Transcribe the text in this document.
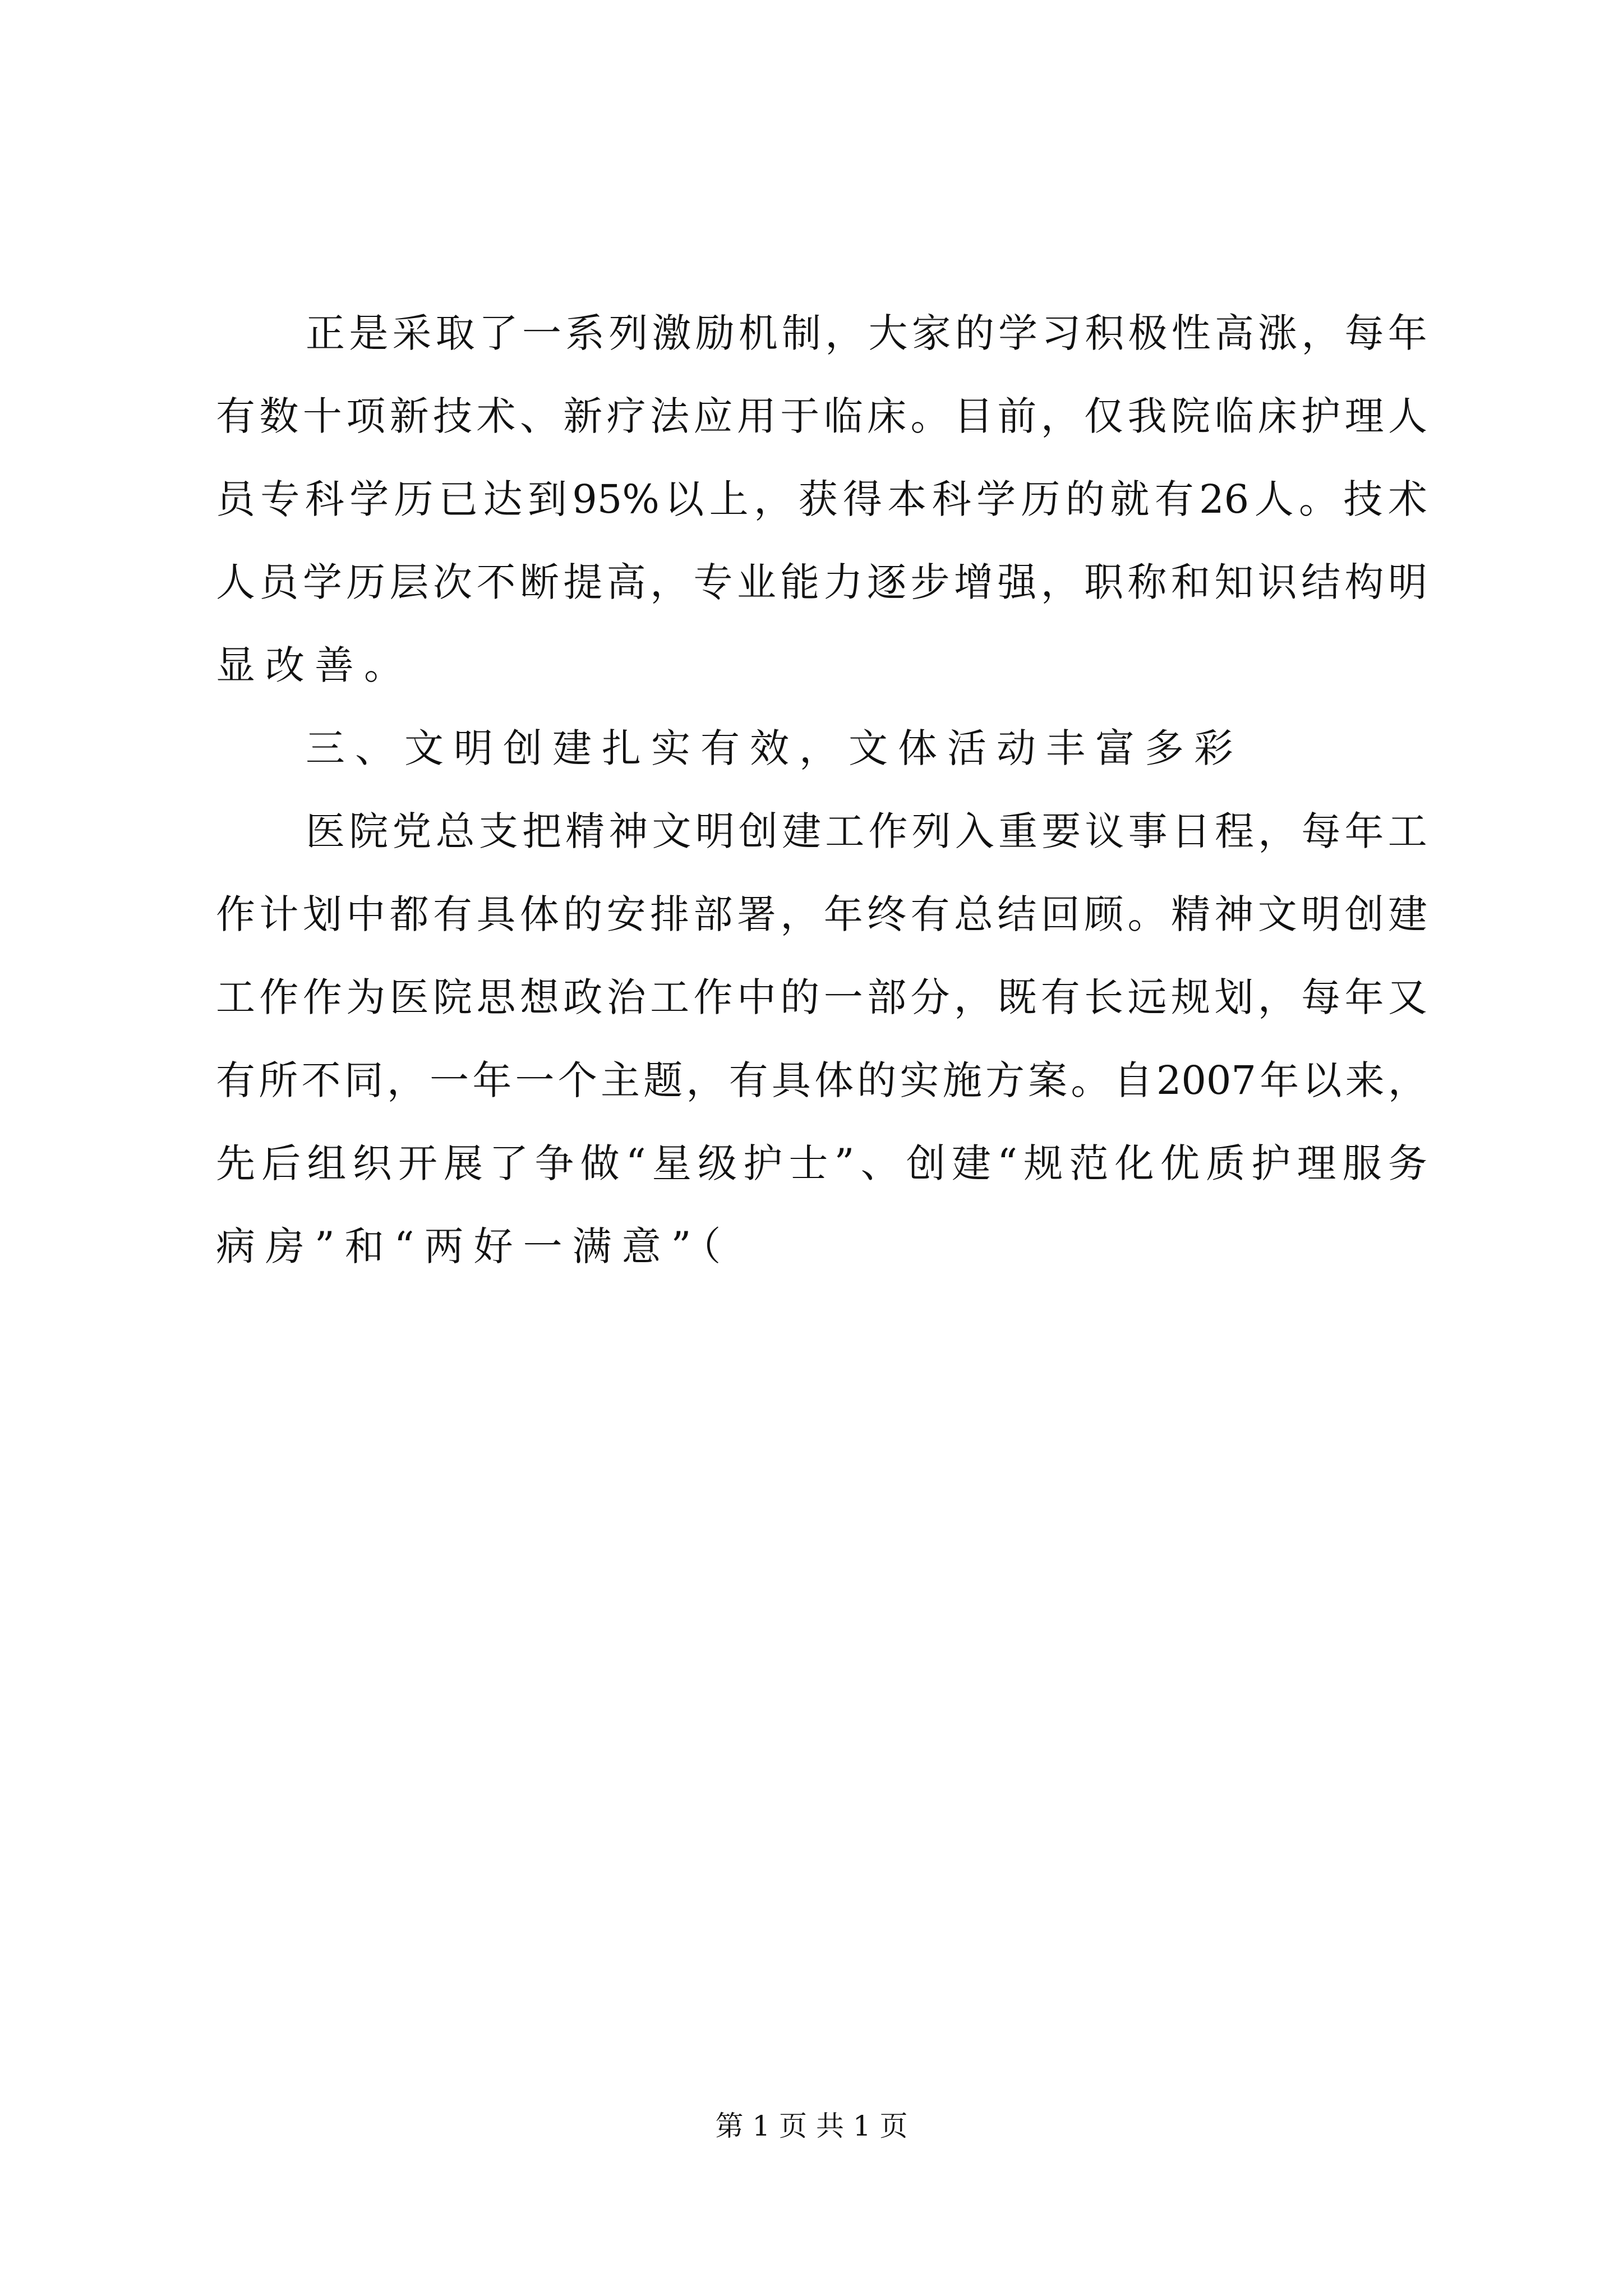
正 是 采 取 了 一 系 列 激 励 机 制 ， 大 家 的 学 习 积 极 性 高 涨 ， 每 年
有 数 十 项 新 技 术 、 新 疗 法 应 用 于 临 床 。 目 前 ， 仅 我 院 临 床 护 理 人
员 专 科 学 历 已 达 到 95% 以 上 ， 获 得 本 科 学 历 的 就 有 26 人 。 技 术
人 员 学 历 层 次 不 断 提 高 ， 专 业 能 力 逐 步 增 强 ， 职 称 和 知 识 结 构 明
显改善。
三、文明创建扎实有效，文体活动丰富多彩
医 院 党 总 支 把 精 神 文 明 创 建 工 作 列 入 重 要 议 事 日 程 ， 每 年 工
作 计 划 中 都 有 具 体 的 安 排 部 署 ， 年 终 有 总 结 回 顾 。 精 神 文 明 创 建
工 作 作 为 医 院 思 想 政 治 工 作 中 的 一 部 分 ， 既 有 长 远 规 划 ， 每 年 又
有 所 不 同 ， 一 年 一 个 主 题 ， 有 具 体 的 实 施 方 案 。 自 2007 年 以 来 ，
先 后 组 织 开 展 了 争 做 “ 星 级 护 士 ” 、 创 建 “ 规 范 化 优 质 护 理 服 务
病房”和“两好一满意”（
第 1 页 共 1 页
